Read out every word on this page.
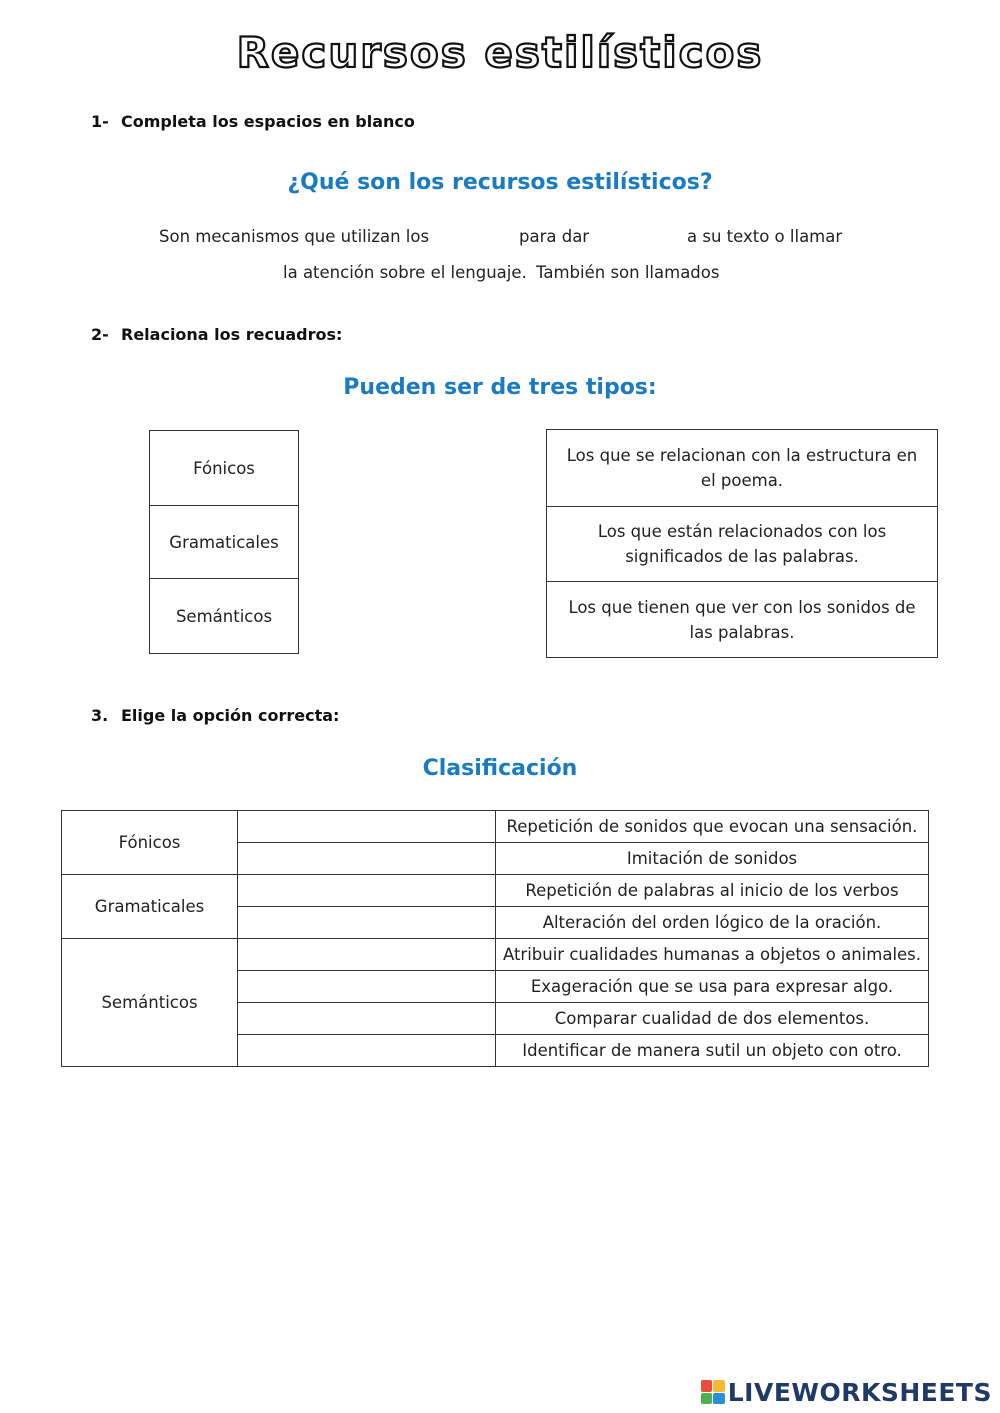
Recursos estilísticos
1- Completa los espacios en blanco
¿Qué son los recursos estilísticos?
Son mecanismos que utilizan los	para dar	a su texto o llamar
la atención sobre el lenguaje. También son llamados
2- Relaciona los recuadros:
Pueden ser de tres tipos:
Fónicos
Gramaticales
Semánticos
Los que se relacionan con la estructura en el poema.
Los que están relacionados con los significados de las palabras.
Los que tienen que ver con los sonidos de las palabras.
3. Elige la opción correcta:
Clasificación
Fónicos		Repetición de sonidos que evocan una sensación.
		Imitación de sonidos
Gramaticales		Repetición de palabras al inicio de los verbos
		Alteración del orden lógico de la oración.
Semánticos		Atribuir cualidades humanas a objetos o animales.
		Exageración que se usa para expresar algo.
		Comparar cualidad de dos elementos.
		Identificar de manera sutil un objeto con otro.
LIVEWORKSHEETS
